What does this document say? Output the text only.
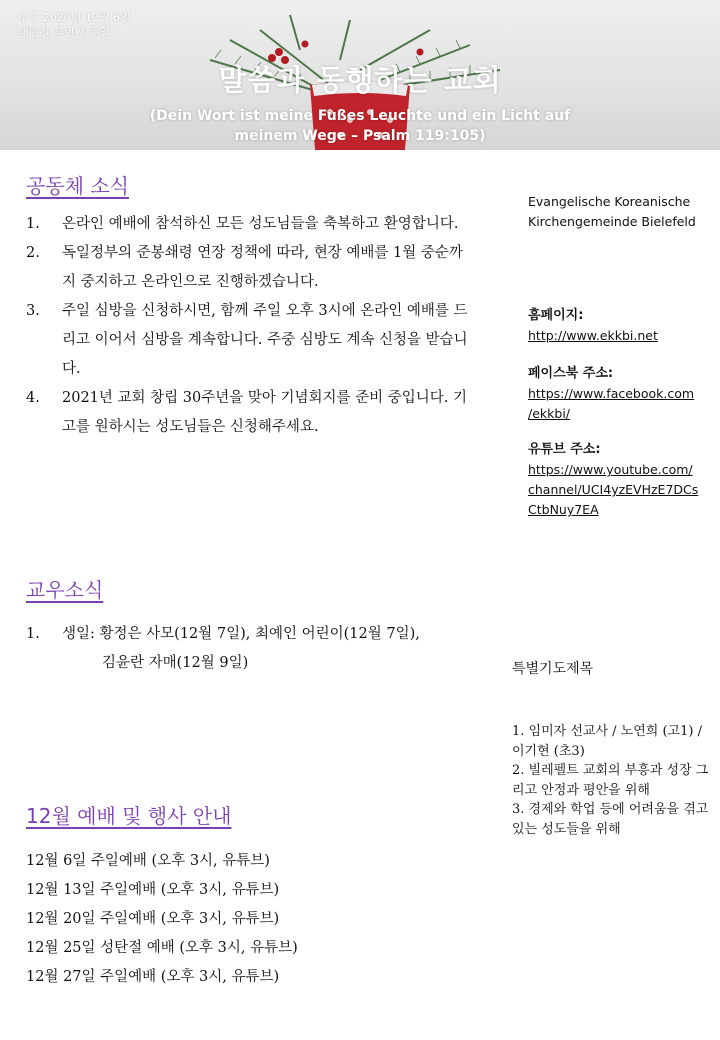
주후 2020년 12월 6일
대림절 두번째 주일
말씀과 동행하는 교회
(Dein Wort ist meine Fußes Leuchte und ein Licht auf meinem Wege – Psalm 119:105)
공동체 소식
1. 온라인 예배에 참석하신 모든 성도님들을 축복하고 환영합니다.
2. 독일정부의 준봉쇄령 연장 정책에 따라, 현장 예배를 1월 중순까지 중지하고 온라인으로 진행하겠습니다.
3. 주일 심방을 신청하시면, 함께 주일 오후 3시에 온라인 예배를 드리고 이어서 심방을 계속합니다. 주중 심방도 계속 신청을 받습니다.
4. 2021년 교회 창립 30주년을 맞아 기념회지를 준비 중입니다. 기고를 원하시는 성도님들은 신청해주세요.
교우소식
1. 생일: 황정은 사모(12월 7일), 최예인 어린이(12월 7일),
김윤란 자매(12월 9일)
12월 예배 및 행사 안내
12월 6일 주일예배 (오후 3시, 유튜브)
12월 13일 주일예배 (오후 3시, 유튜브)
12월 20일 주일예배 (오후 3시, 유튜브)
12월 25일 성탄절 예배 (오후 3시, 유튜브)
12월 27일 주일예배 (오후 3시, 유튜브)
Evangelische Koreanische
Kirchengemeinde Bielefeld
홈페이지:
http://www.ekkbi.net
페이스북 주소:
https://www.facebook.com
/ekkbi/
유튜브 주소:
https://www.youtube.com/
channel/UCI4yzEVHzE7DCs
CtbNuy7EA
특별기도제목
1. 임미자 선교사 / 노연희 (고1) / 이기현 (초3)
2. 빌레펠트 교회의 부흥과 성장 그리고 안정과 평안을 위해
3. 경제와 학업 등에 어려움을 겪고 있는 성도들을 위해
